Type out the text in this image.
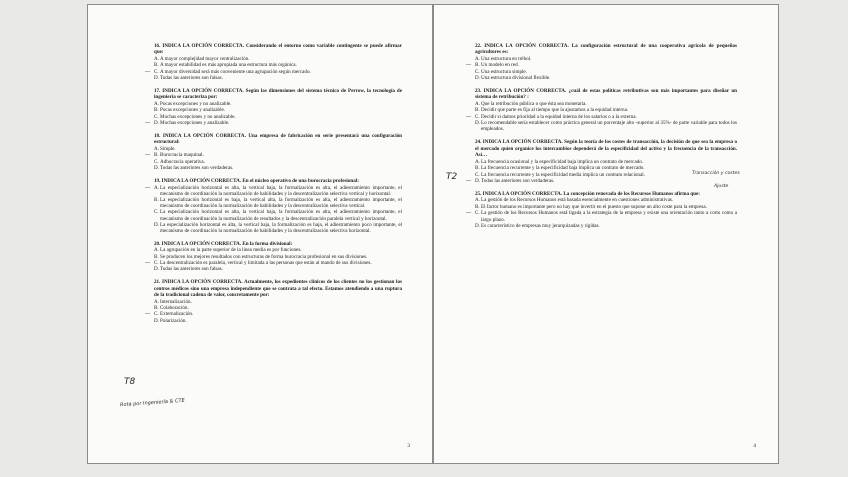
16. INDICA LA OPCIÓN CORRECTA. Considerando el entorno como variable contingente se puede afirmar que:
A. A mayor complejidad mayor centralización.
B. A mayor estabilidad es más apropiada una estructura más orgánica.
— C. A mayor diversidad será más conveniente una agrupación según mercado.
D. Todas las anteriores son falsas.
17. INDICA LA OPCIÓN CORRECTA. Según las dimensiones del sistema técnico de Perrow, la tecnología de ingeniería se caracteriza por:
A. Pocas excepciones y no analizable.
B. Pocas excepciones y analizable.
C. Muchas excepciones y no analizable.
— D. Muchas excepciones y analizable.
18. INDICA LA OPCIÓN CORRECTA. Una empresa de fabricación en serie presentará una configuración estructural:
A. Simple.
— B. Burocracia maquinal.
C. Adhocracia operativa.
D. Todas las anteriores son verdaderas.
19. INDICA LA OPCIÓN CORRECTA. En el núcleo operativo de una burocracia profesional:
— A. La especialización horizontal es alta, la vertical baja, la formalización es alta, el adiestramiento importante, el mecanismo de coordinación la normalización de habilidades y la descentralización selectiva vertical y horizontal.
B. La especialización horizontal es baja, la vertical alta, la formalización es alta, el adiestramiento importante, el mecanismo de coordinación la normalización de habilidades y la descentralización selectiva vertical.
C. La especialización horizontal es alta, la vertical baja, la formalización es alta, el adiestramiento importante, el mecanismo de coordinación la normalización de resultados y la descentralización paralela vertical y horizontal.
D. La especialización horizontal es alta, la vertical baja, la formalización es baja, el adiestramiento poco importante, el mecanismo de coordinación la normalización de habilidades y la descentralización selectiva horizontal.
20. INDICA LA OPCIÓN CORRECTA. En la forma divisional:
A. La agrupación en la parte superior de la línea media es por funciones.
B. Se producen los mejores resultados con estructuras de forma burocracia profesional en sus divisiones.
— C. La descentralización es paralela, vertical y limitada a las personas que están al mando de sus divisiones.
D. Todas las anteriores son falsas.
21. INDICA LA OPCIÓN CORRECTA. Actualmente, los expedientes clínicos de los clientes no los gestionan los centros médicos sino una empresa independiente que se contrata a tal efecto. Estamos atendiendo a una ruptura de la tradicional cadena de valor, concretamente por:
A. Internalización.
B. Colaboración.
— C. Externalización.
D. Polarización.
T8
Rota por Ingeniería & CTE
3
22. INDICA LA OPCIÓN CORRECTA. La configuración estructural de una cooperativa agrícola de pequeños agricultores es:
A. Una estructura en trébol.
— B. Un modelo en red.
C. Una estructura simple.
D. Una estructura divisional flexible.
23. INDICA LA OPCIÓN CORRECTA. ¿cuál de estas políticas retributivas son más importantes para diseñar un sistema de retribución? :
A. Que la retribución pública o que ésta sea monetaria.
B. Decidir que parte es fija al tiempo que la ajustamos a la equidad interna.
— C. Decidir si damos prioridad a la equidad interna de los salarios o a la externa.
D. Lo recomendable sería establecer como práctica general un porcentaje alto -superior al 35%- de parte variable para todos los empleados.
24. INDICA LA OPCIÓN CORRECTA. Según la teoría de los costes de transacción, la decisión de que sea la empresa o el mercado quien organice los intercambios dependerá de la especificidad del activo y la frecuencia de la transacción. Así…
A. La frecuencia ocasional y la especificidad baja implica un contrato de mercado.
B. La frecuencia recurrente y la especificidad baja implica un contrato de mercado.
C. La frecuencia recurrente y la especificidad media implica un contrato relacional.
— D. Todas las anteriores son verdaderas.
25. INDICA LA OPCIÓN CORRECTA. La concepción renovada de los Recursos Humanos afirma que:
A. La gestión de los Recursos Humanos está basada esencialmente en cuestiones administrativas.
B. El factor humano es importante pero no hay que invertir en el puesto que supone un alto coste para la empresa.
— C. La gestión de los Recursos Humanos está ligada a la estrategia de la empresa y existe una orientación tanto a corto como a largo plazo.
D. Es característico de empresas muy jerarquizadas y rígidas.
T2	Transacción y costes
Ajuste
4
